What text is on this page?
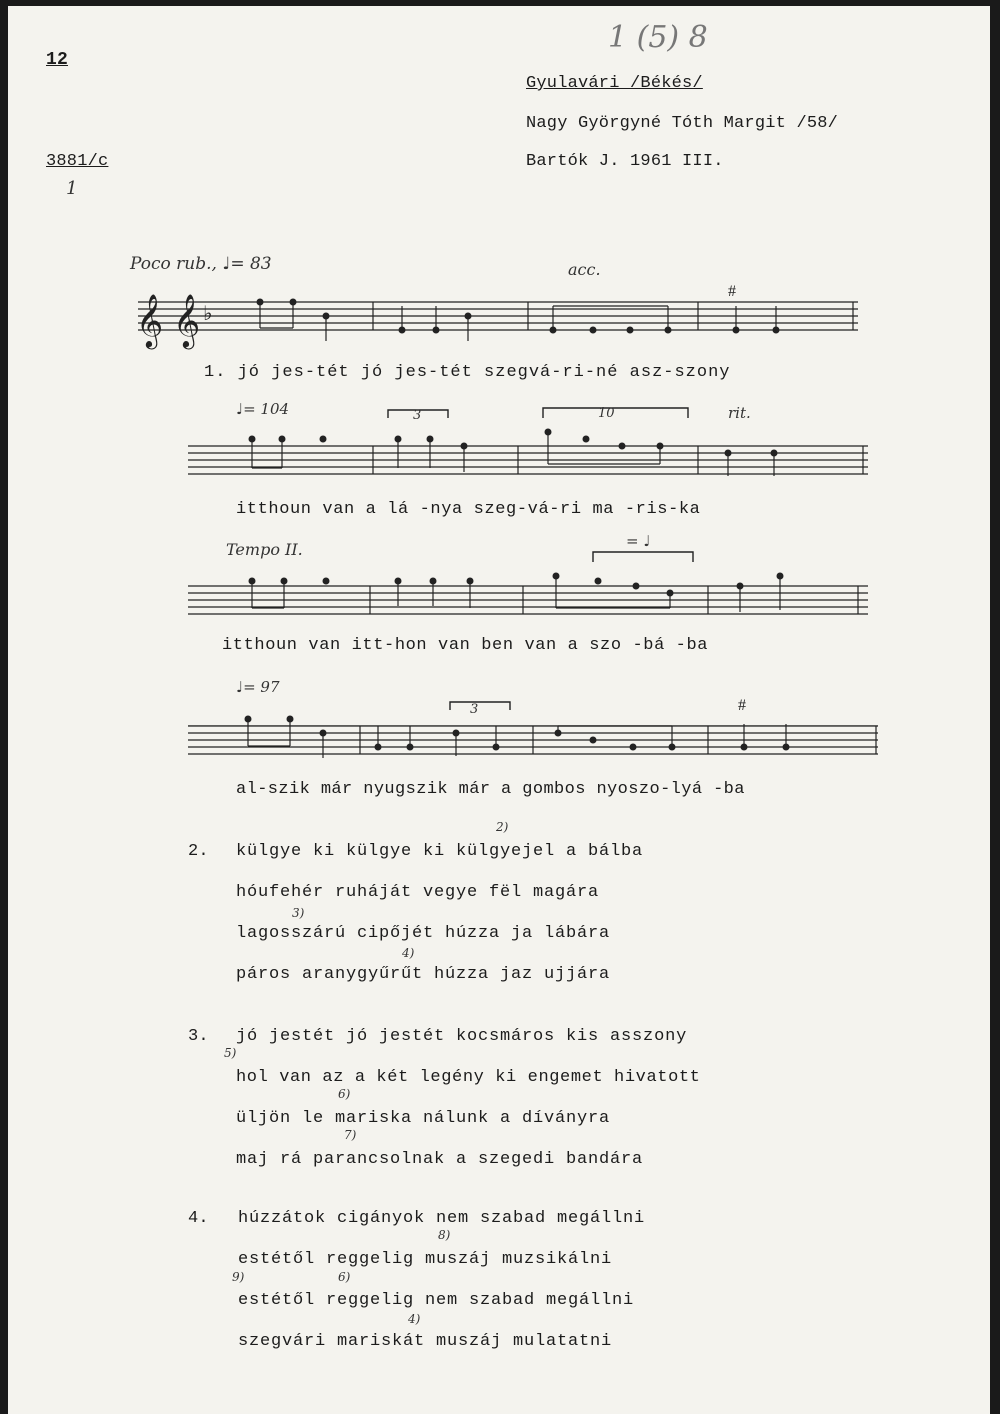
12
1 (5) 8
Gyulavári /Békés/
Nagy Györgyné Tóth Margit /58/
3881/c
1
Bartók J. 1961 III.
Poco rub., ♩= 83	acc.
𝄞 𝄞 ♭
#
#
♩= 104	3	10	rit.
Tempo II.	= ♩
♩= 97
3
1. jó jes-tét jó jes-tét szegvá-ri-né asz-szony
itthoun van a lá -nya szeg-vá-ri ma -ris-ka
itthoun van itt-hon van ben van a szo -bá -ba
al-szik már nyugszik már a gombos nyoszo-lyá -ba
2. külgye ki külgye ki külgyejel a bálba
hóufehér ruháját vegye fël magára
lagosszárú cipőjét húzza ja lábára
páros aranygyűrűt húzza jaz ujjára
3. jó jestét jó jestét kocsmáros kis asszony
hol van az a két legény ki engemet hivatott
üljön le mariska nálunk a díványra
maj rá parancsolnak a szegedi bandára
4. húzzátok cigányok nem szabad megállni
estétől reggelig muszáj muzsikálni
estétől reggelig nem szabad megállni
szegvári mariskát muszáj mulatatni
2)
3)
4)
5)
6)
7)
8)
9)	6)
4)
